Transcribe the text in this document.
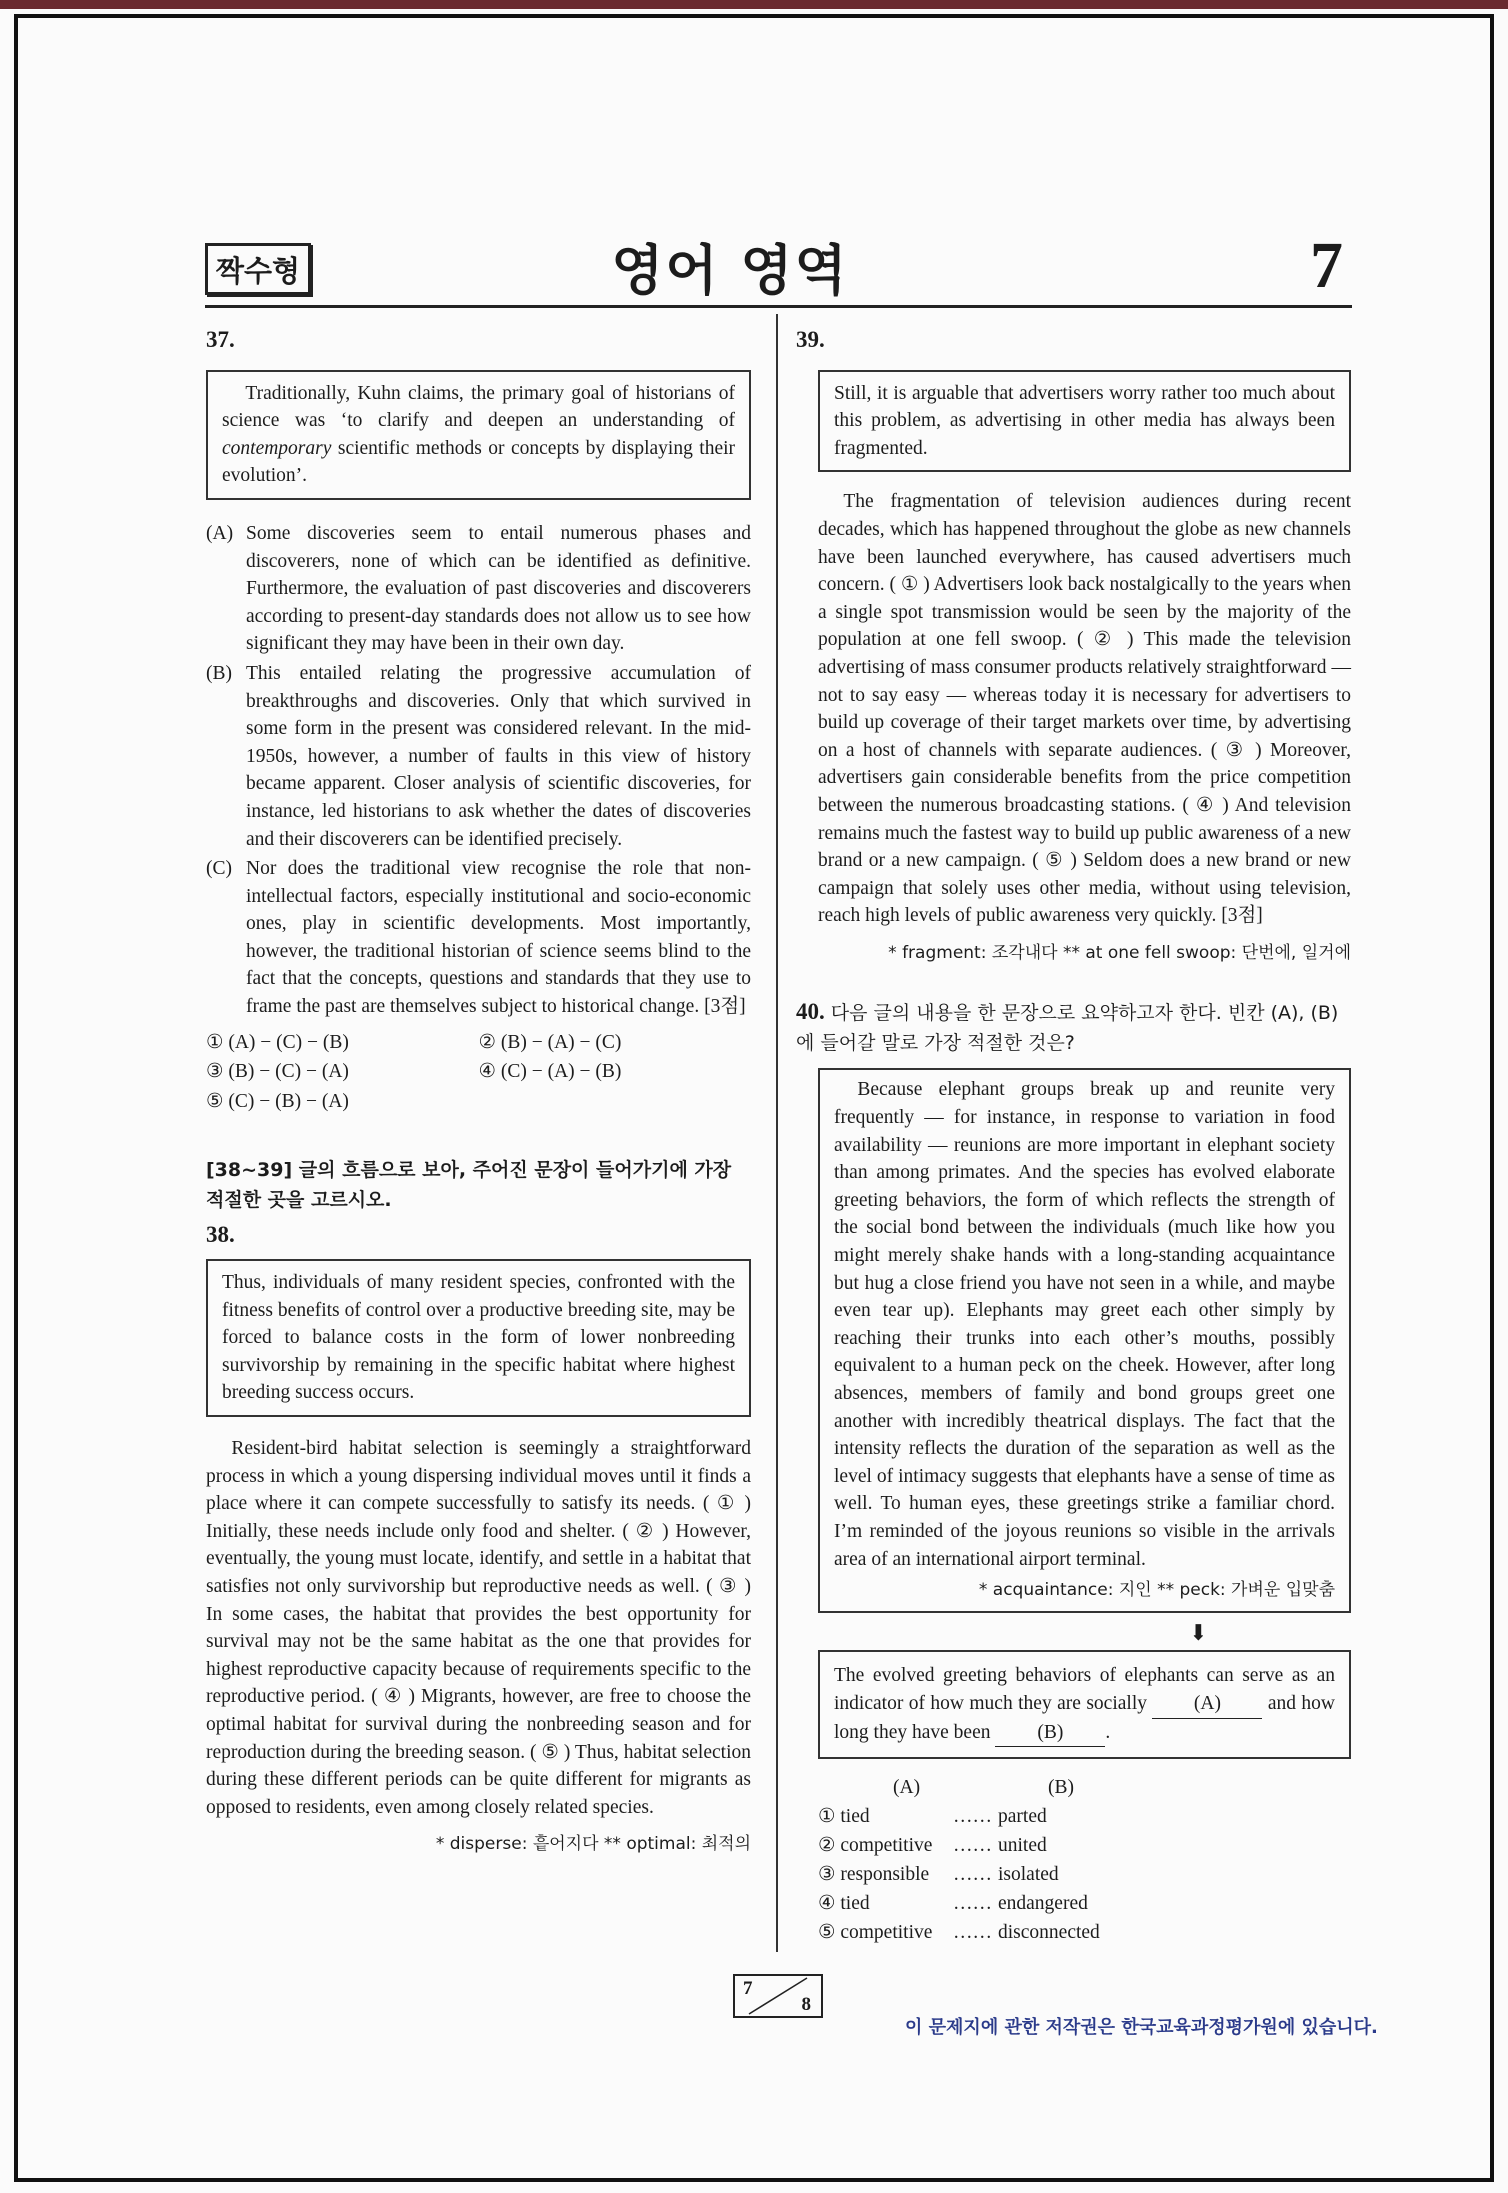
짝수형	영어 영역	7
37.
Traditionally, Kuhn claims, the primary goal of historians of science was ‘to clarify and deepen an understanding of contemporary scientific methods or concepts by displaying their evolution’.
(A) Some discoveries seem to entail numerous phases and discoverers, none of which can be identified as definitive. Furthermore, the evaluation of past discoveries and discoverers according to present-day standards does not allow us to see how significant they may have been in their own day.
(B) This entailed relating the progressive accumulation of breakthroughs and discoveries. Only that which survived in some form in the present was considered relevant. In the mid-1950s, however, a number of faults in this view of history became apparent. Closer analysis of scientific discoveries, for instance, led historians to ask whether the dates of discoveries and their discoverers can be identified precisely.
(C) Nor does the traditional view recognise the role that non-intellectual factors, especially institutional and socio-economic ones, play in scientific developments. Most importantly, however, the traditional historian of science seems blind to the fact that the concepts, questions and standards that they use to frame the past are themselves subject to historical change. [3점]
① (A) − (C) − (B)	② (B) − (A) − (C)
③ (B) − (C) − (A)	④ (C) − (A) − (B)
⑤ (C) − (B) − (A)
[38~39] 글의 흐름으로 보아, 주어진 문장이 들어가기에 가장 적절한 곳을 고르시오.
38.
Thus, individuals of many resident species, confronted with the fitness benefits of control over a productive breeding site, may be forced to balance costs in the form of lower nonbreeding survivorship by remaining in the specific habitat where highest breeding success occurs.
Resident-bird habitat selection is seemingly a straightforward process in which a young dispersing individual moves until it finds a place where it can compete successfully to satisfy its needs. ( ① ) Initially, these needs include only food and shelter. ( ② ) However, eventually, the young must locate, identify, and settle in a habitat that satisfies not only survivorship but reproductive needs as well. ( ③ ) In some cases, the habitat that provides the best opportunity for survival may not be the same habitat as the one that provides for highest reproductive capacity because of requirements specific to the reproductive period. ( ④ ) Migrants, however, are free to choose the optimal habitat for survival during the nonbreeding season and for reproduction during the breeding season. ( ⑤ ) Thus, habitat selection during these different periods can be quite different for migrants as opposed to residents, even among closely related species.
* disperse: 흩어지다 ** optimal: 최적의
39.
Still, it is arguable that advertisers worry rather too much about this problem, as advertising in other media has always been fragmented.
The fragmentation of television audiences during recent decades, which has happened throughout the globe as new channels have been launched everywhere, has caused advertisers much concern. ( ① ) Advertisers look back nostalgically to the years when a single spot transmission would be seen by the majority of the population at one fell swoop. ( ② ) This made the television advertising of mass consumer products relatively straightforward — not to say easy — whereas today it is necessary for advertisers to build up coverage of their target markets over time, by advertising on a host of channels with separate audiences. ( ③ ) Moreover, advertisers gain considerable benefits from the price competition between the numerous broadcasting stations. ( ④ ) And television remains much the fastest way to build up public awareness of a new brand or a new campaign. ( ⑤ ) Seldom does a new brand or new campaign that solely uses other media, without using television, reach high levels of public awareness very quickly. [3점]
* fragment: 조각내다 ** at one fell swoop: 단번에, 일거에
40. 다음 글의 내용을 한 문장으로 요약하고자 한다. 빈칸 (A), (B)에 들어갈 말로 가장 적절한 것은?
Because elephant groups break up and reunite very frequently — for instance, in response to variation in food availability — reunions are more important in elephant society than among primates. And the species has evolved elaborate greeting behaviors, the form of which reflects the strength of the social bond between the individuals (much like how you might merely shake hands with a long-standing acquaintance but hug a close friend you have not seen in a while, and maybe even tear up). Elephants may greet each other simply by reaching their trunks into each other’s mouths, possibly equivalent to a human peck on the cheek. However, after long absences, members of family and bond groups greet one another with incredibly theatrical displays. The fact that the intensity reflects the duration of the separation as well as the level of intimacy suggests that elephants have a sense of time as well. To human eyes, these greetings strike a familiar chord. I’m reminded of the joyous reunions so visible in the arrivals area of an international airport terminal.
* acquaintance: 지인 ** peck: 가벼운 입맞춤
⬇
The evolved greeting behaviors of elephants can serve as an indicator of how much they are socially (A) and how long they have been (B) .
(A)	(B)
① tied	…… parted
② competitive	…… united
③ responsible	…… isolated
④ tied	…… endangered
⑤ competitive	…… disconnected
7
8
이 문제지에 관한 저작권은 한국교육과정평가원에 있습니다.
